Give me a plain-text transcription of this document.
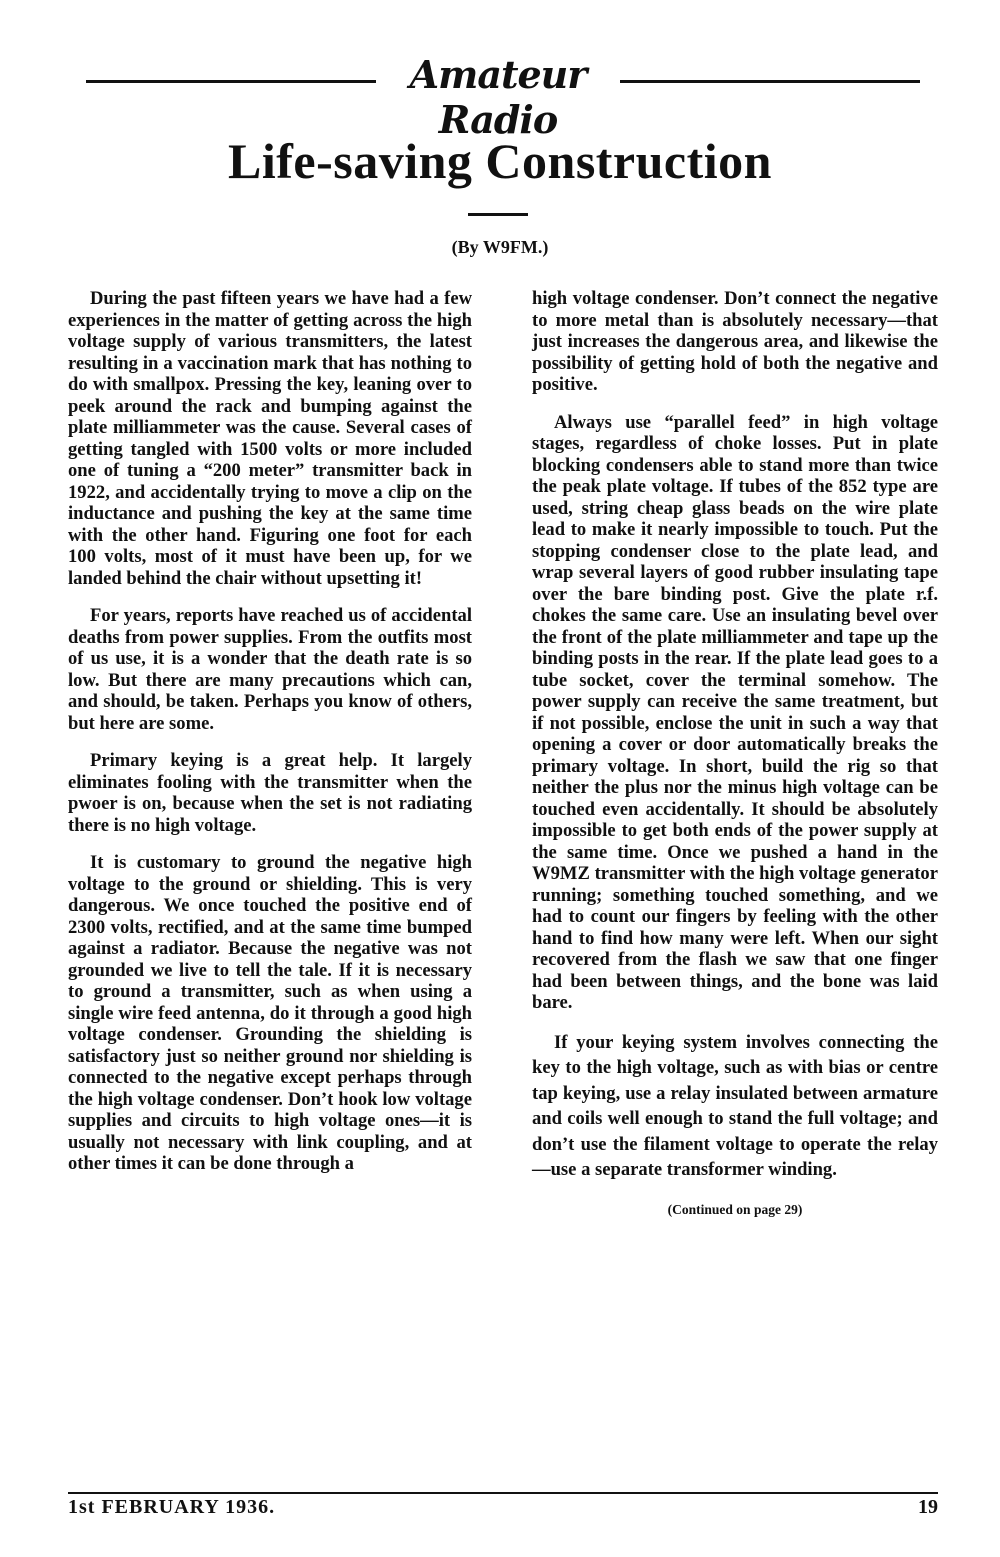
Amateur Radio
Life-saving Construction
(By W9FM.)

During the past fifteen years we have had a few experiences in the matter of getting across the high voltage supply of various transmitters, the latest resulting in a vaccination mark that has nothing to do with smallpox. Pressing the key, leaning over to peek around the rack and bumping against the plate milliammeter was the cause. Several cases of getting tangled with 1500 volts or more included one of tuning a “200 meter” transmitter back in 1922, and accidentally trying to move a clip on the inductance and pushing the key at the same time with the other hand. Figuring one foot for each 100 volts, most of it must have been up, for we landed behind the chair without upsetting it!

For years, reports have reached us of accidental deaths from power supplies. From the outfits most of us use, it is a wonder that the death rate is so low. But there are many precautions which can, and should, be taken. Perhaps you know of others, but here are some.

Primary keying is a great help. It largely eliminates fooling with the transmitter when the pwoer is on, because when the set is not radiating there is no high voltage.

It is customary to ground the negative high voltage to the ground or shielding. This is very dangerous. We once touched the positive end of 2300 volts, rectified, and at the same time bumped against a radiator. Because the negative was not grounded we live to tell the tale. If it is necessary to ground a transmitter, such as when using a single wire feed antenna, do it through a good high voltage condenser. Grounding the shielding is satisfactory just so neither ground nor shielding is connected to the negative except perhaps through the high voltage condenser. Don’t hook low voltage supplies and circuits to high voltage ones—it is usually not necessary with link coupling, and at other times it can be done through a

high voltage condenser. Don’t connect the negative to more metal than is absolutely necessary—that just increases the dangerous area, and likewise the possibility of getting hold of both the negative and positive.

Always use “parallel feed” in high voltage stages, regardless of choke losses. Put in plate blocking condensers able to stand more than twice the peak plate voltage. If tubes of the 852 type are used, string cheap glass beads on the wire plate lead to make it nearly impossible to touch. Put the stopping condenser close to the plate lead, and wrap several layers of good rubber insulating tape over the bare binding post. Give the plate r.f. chokes the same care. Use an insulating bevel over the front of the plate milliammeter and tape up the binding posts in the rear. If the plate lead goes to a tube socket, cover the terminal somehow. The power supply can receive the same treatment, but if not possible, enclose the unit in such a way that opening a cover or door automatically breaks the primary voltage. In short, build the rig so that neither the plus nor the minus high voltage can be touched even accidentally. It should be absolutely impossible to get both ends of the power supply at the same time. Once we pushed a hand in the W9MZ transmitter with the high voltage generator running; something touched something, and we had to count our fingers by feeling with the other hand to find how many were left. When our sight recovered from the flash we saw that one finger had been between things, and the bone was laid bare.

If your keying system involves connecting the key to the high voltage, such as with bias or centre tap keying, use a relay insulated between armature and coils well enough to stand the full voltage; and don’t use the filament voltage to operate the relay—use a separate transformer winding.

(Continued on page 29)
1st FEBRUARY 1936.	19
